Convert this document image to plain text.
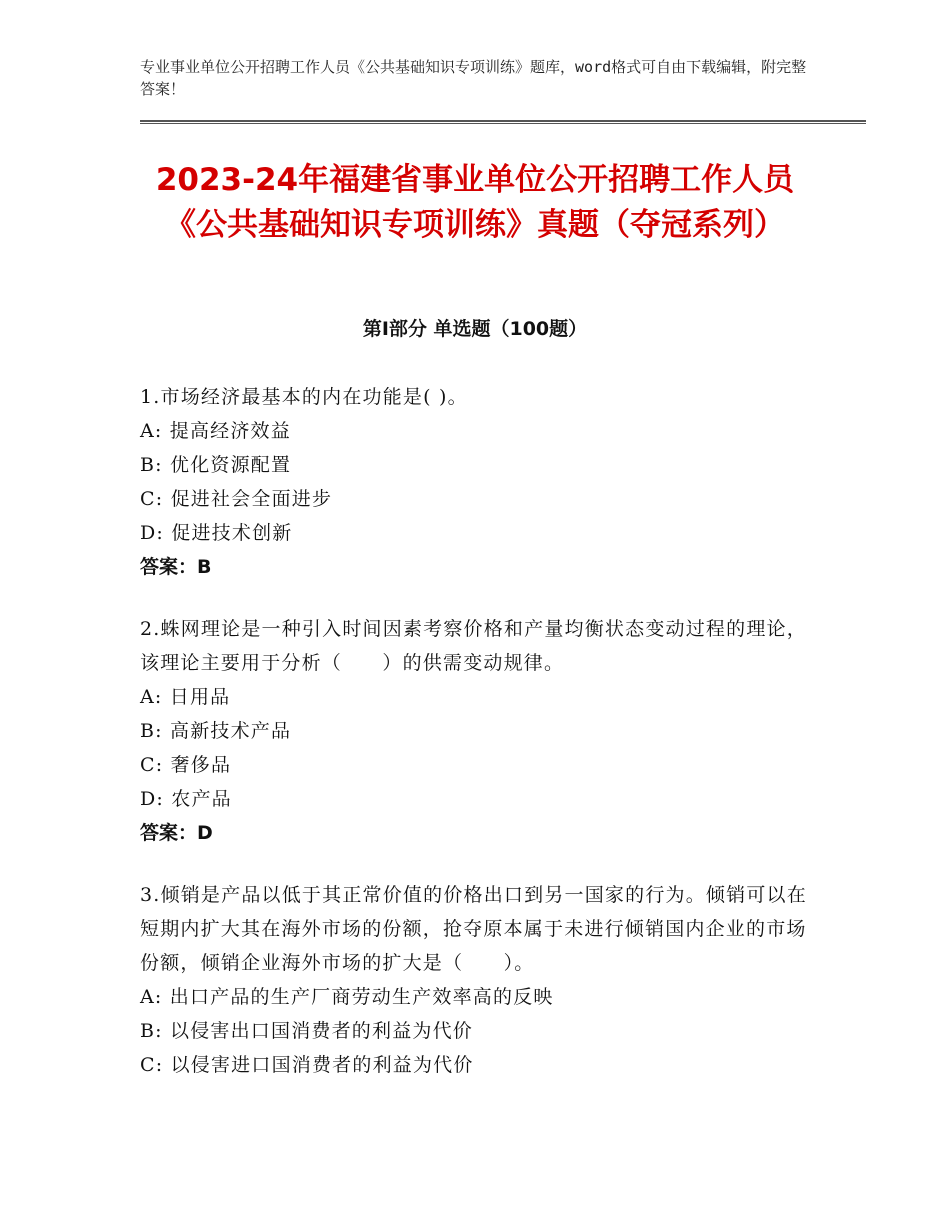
专业事业单位公开招聘工作人员《公共基础知识专项训练》题库，word格式可自由下载编辑，附完整答案！
2023-24年福建省事业单位公开招聘工作人员《公共基础知识专项训练》真题（夺冠系列）
第Ⅰ部分 单选题（100题）

1.市场经济最基本的内在功能是( )。

A: 提高经济效益

B: 优化资源配置

C: 促进社会全面进步

D: 促进技术创新

答案：B

2.蛛网理论是一种引入时间因素考察价格和产量均衡状态变动过程的理论，该理论主要用于分析（　　）的供需变动规律。

A: 日用品

B: 高新技术产品

C: 奢侈品

D: 农产品

答案：D

3.倾销是产品以低于其正常价值的价格出口到另一国家的行为。倾销可以在短期内扩大其在海外市场的份额，抢夺原本属于未进行倾销国内企业的市场份额，倾销企业海外市场的扩大是（　　）。

A: 出口产品的生产厂商劳动生产效率高的反映

B: 以侵害出口国消费者的利益为代价

C: 以侵害进口国消费者的利益为代价
